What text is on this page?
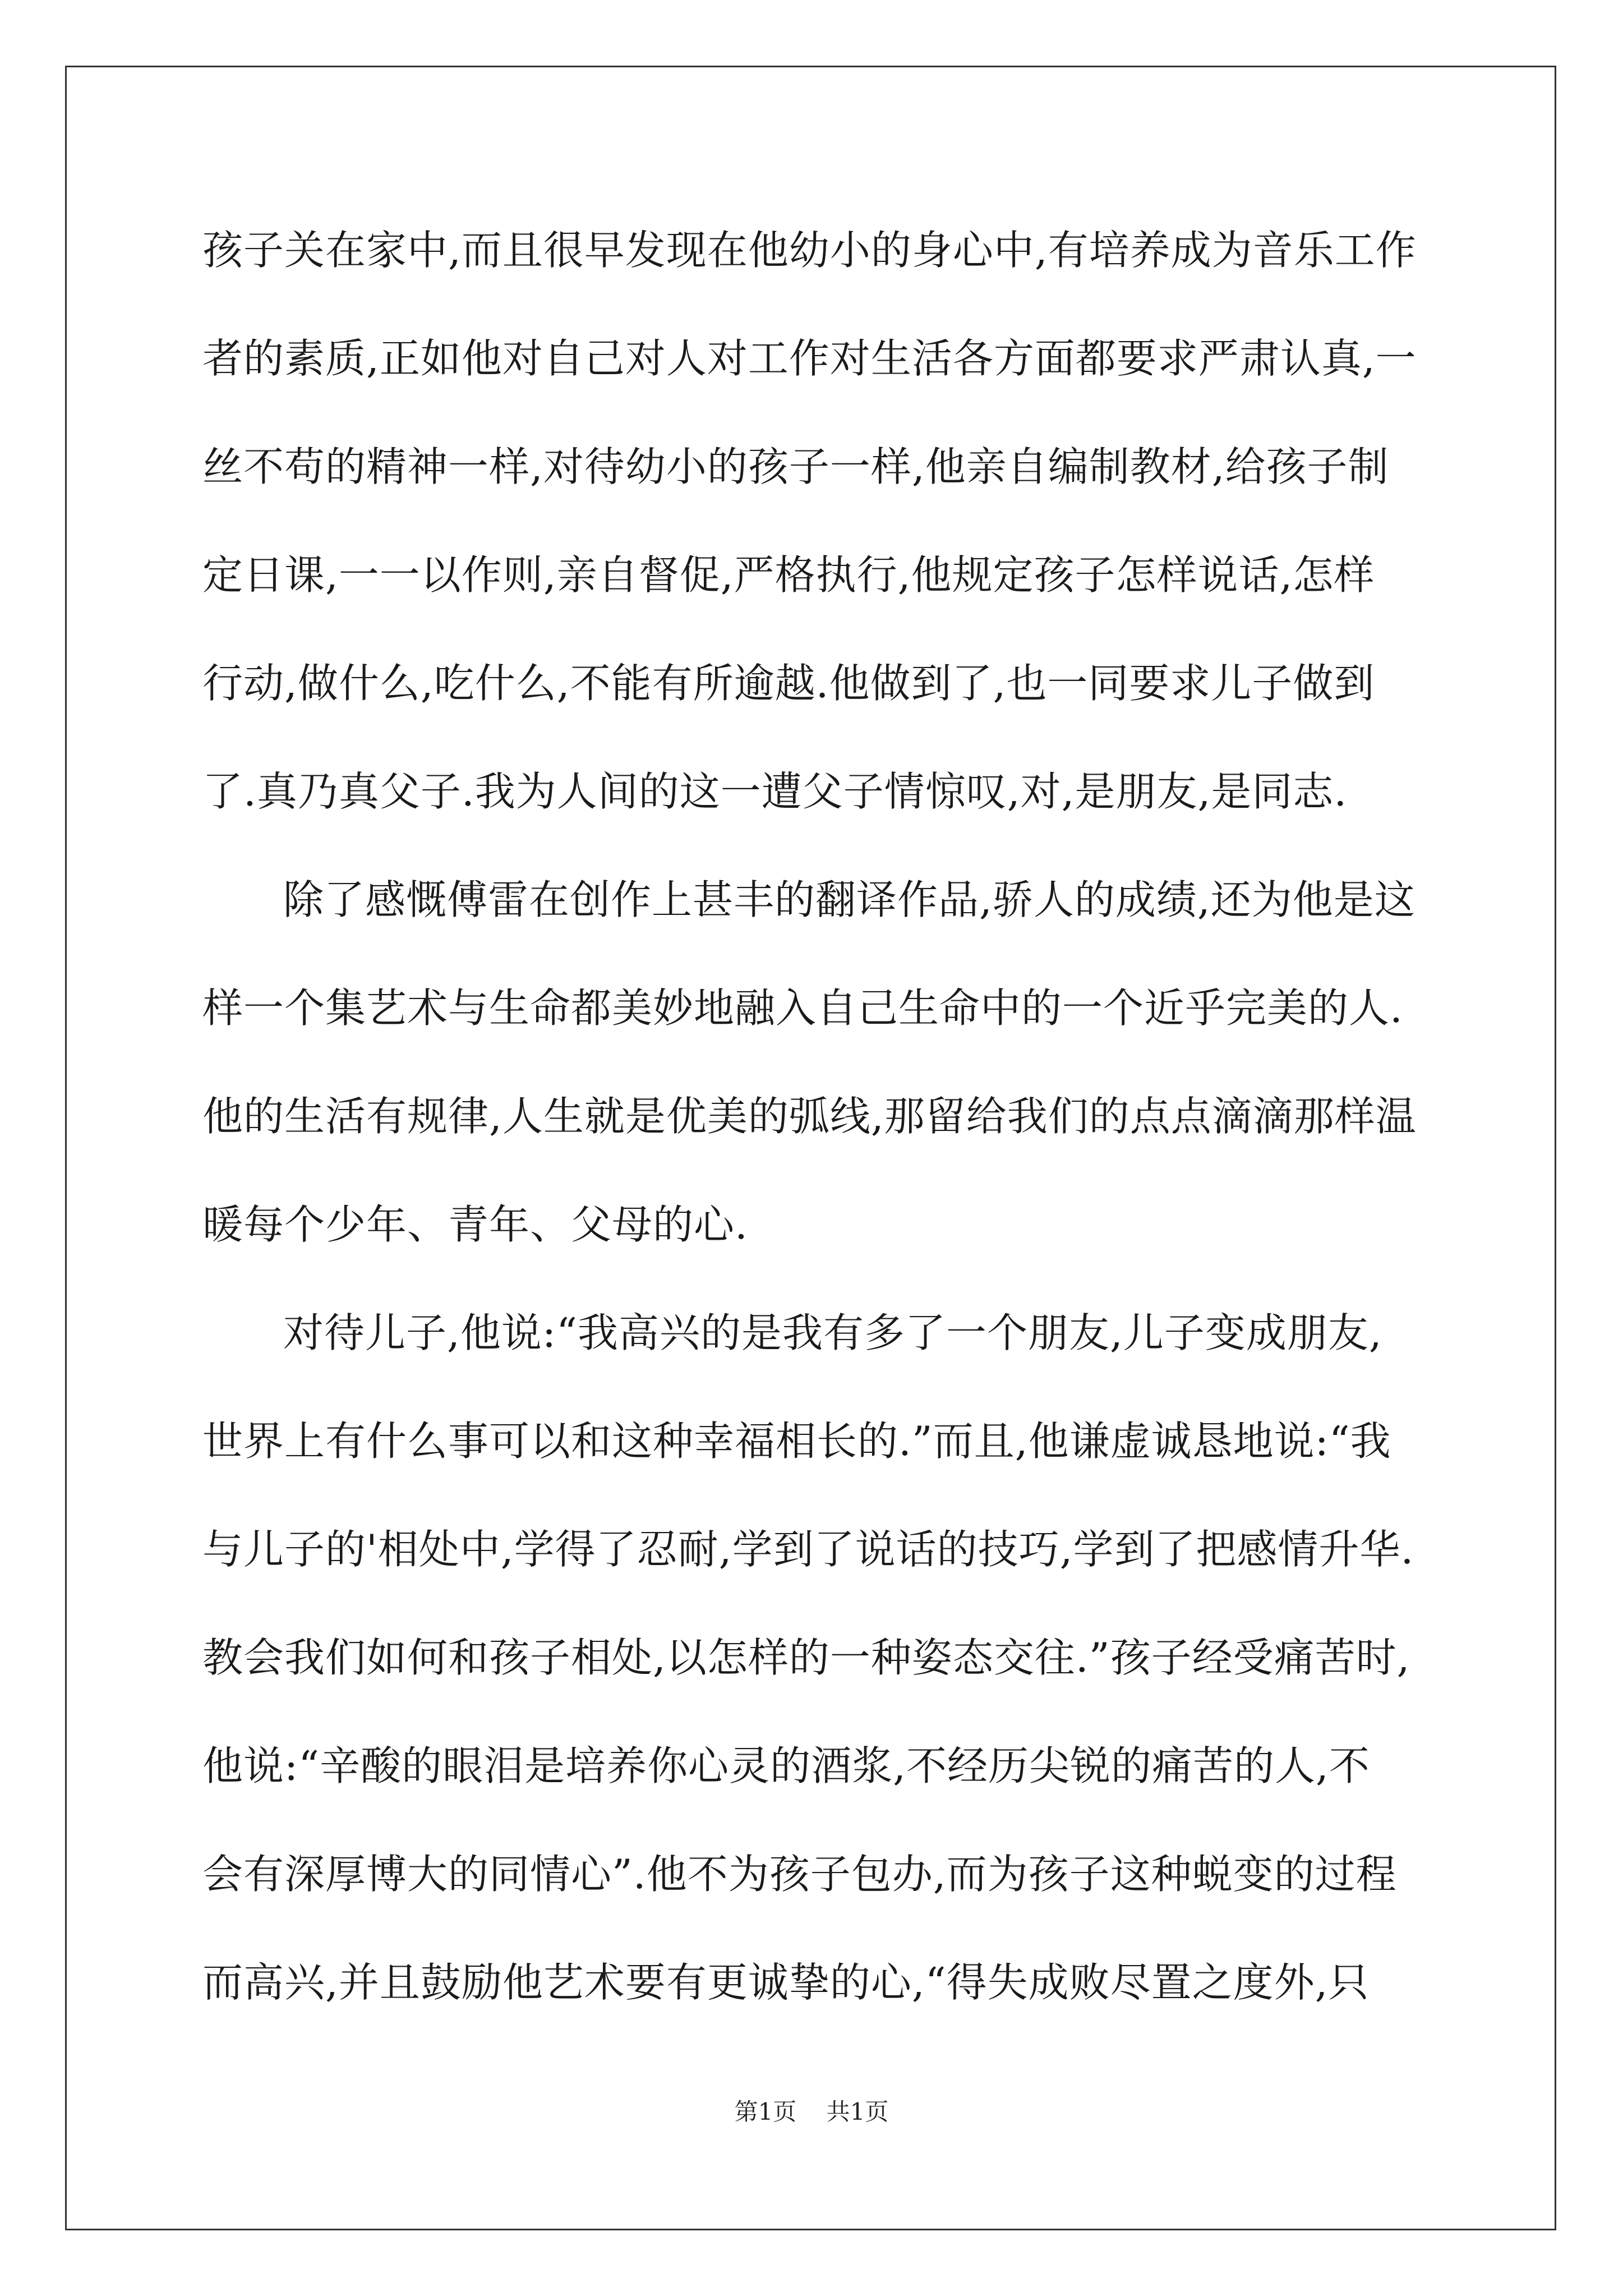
孩子关在家中,而且很早发现在他幼小的身心中,有培养成为音乐工作
者的素质,正如他对自己对人对工作对生活各方面都要求严肃认真,一
丝不苟的精神一样,对待幼小的孩子一样,他亲自编制教材,给孩子制
定日课,一一以作则,亲自督促,严格执行,他规定孩子怎样说话,怎样
行动,做什么,吃什么,不能有所逾越.他做到了,也一同要求儿子做到
了.真乃真父子.我为人间的这一遭父子情惊叹,对,是朋友,是同志.
除了感慨傅雷在创作上甚丰的翻译作品,骄人的成绩,还为他是这
样一个集艺术与生命都美妙地融入自己生命中的一个近乎完美的人.
他的生活有规律,人生就是优美的弧线,那留给我们的点点滴滴那样温
暖每个少年、青年、父母的心.
对待儿子,他说:“我高兴的是我有多了一个朋友,儿子变成朋友,
世界上有什么事可以和这种幸福相长的.”而且,他谦虚诚恳地说:“我
与儿子的'相处中,学得了忍耐,学到了说话的技巧,学到了把感情升华.
教会我们如何和孩子相处,以怎样的一种姿态交往.”孩子经受痛苦时,
他说:“辛酸的眼泪是培养你心灵的酒浆,不经历尖锐的痛苦的人,不
会有深厚博大的同情心”.他不为孩子包办,而为孩子这种蜕变的过程
而高兴,并且鼓励他艺术要有更诚挚的心,“得失成败尽置之度外,只
第1页    共1页
